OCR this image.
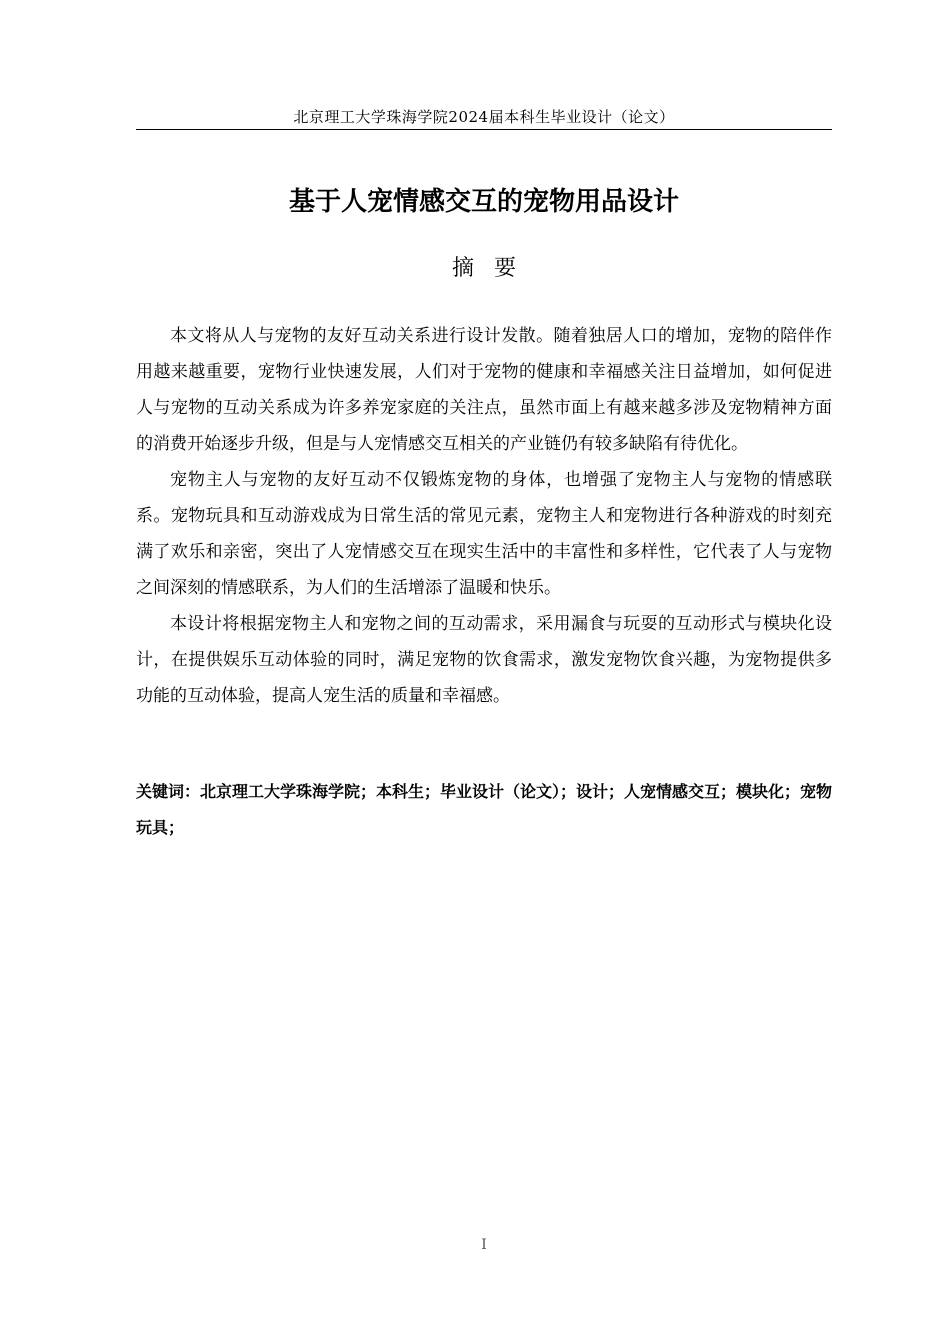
北京理工大学珠海学院2024届本科生毕业设计（论文）
基于人宠情感交互的宠物用品设计
摘要

本文将从人与宠物的友好互动关系进行设计发散。随着独居人口的增加，宠物的陪伴作用越来越重要，宠物行业快速发展，人们对于宠物的健康和幸福感关注日益增加，如何促进人与宠物的互动关系成为许多养宠家庭的关注点，虽然市面上有越来越多涉及宠物精神方面的消费开始逐步升级，但是与人宠情感交互相关的产业链仍有较多缺陷有待优化。

宠物主人与宠物的友好互动不仅锻炼宠物的身体，也增强了宠物主人与宠物的情感联系。宠物玩具和互动游戏成为日常生活的常见元素，宠物主人和宠物进行各种游戏的时刻充满了欢乐和亲密，突出了人宠情感交互在现实生活中的丰富性和多样性，它代表了人与宠物之间深刻的情感联系，为人们的生活增添了温暖和快乐。

本设计将根据宠物主人和宠物之间的互动需求，采用漏食与玩耍的互动形式与模块化设计，在提供娱乐互动体验的同时，满足宠物的饮食需求，激发宠物饮食兴趣，为宠物提供多功能的互动体验，提高人宠生活的质量和幸福感。

关键词：北京理工大学珠海学院；本科生；毕业设计（论文）；设计；人宠情感交互；模块化；宠物玩具；
I
